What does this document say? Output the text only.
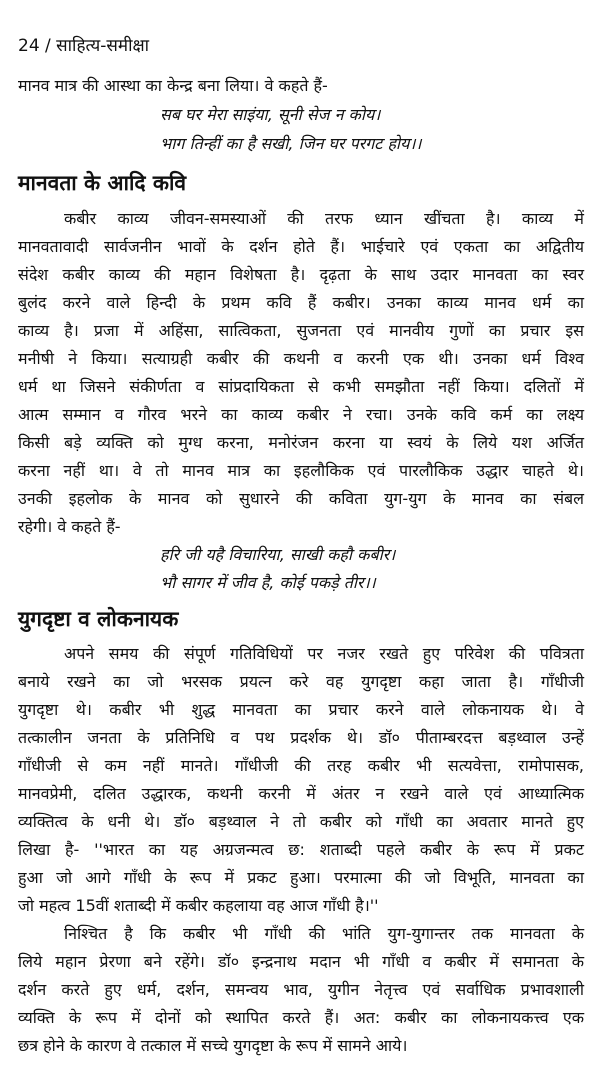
24 / साहित्य-समीक्षा
मानव मात्र की आस्था का केन्द्र बना लिया। वे कहते हैं-
सब घर मेरा साइंया, सूनी सेज न कोय।
भाग तिन्हीं का है सखी, जिन घर परगट होय।।
मानवता के आदि कवि
कबीर काव्य जीवन-समस्याओं की तरफ ध्यान खींचता है। काव्य में
मानवतावादी सार्वजनीन भावों के दर्शन होते हैं। भाईचारे एवं एकता का अद्वितीय
संदेश कबीर काव्य की महान विशेषता है। दृढ़ता के साथ उदार मानवता का स्वर
बुलंद करने वाले हिन्दी के प्रथम कवि हैं कबीर। उनका काव्य मानव धर्म का
काव्य है। प्रजा में अहिंसा, सात्विकता, सुजनता एवं मानवीय गुणों का प्रचार इस
मनीषी ने किया। सत्याग्रही कबीर की कथनी व करनी एक थी। उनका धर्म विश्व
धर्म था जिसने संकीर्णता व सांप्रदायिकता से कभी समझौता नहीं किया। दलितों में
आत्म सम्मान व गौरव भरने का काव्य कबीर ने रचा। उनके कवि कर्म का लक्ष्य
किसी बड़े व्यक्ति को मुग्ध करना, मनोरंजन करना या स्वयं के लिये यश अर्जित
करना नहीं था। वे तो मानव मात्र का इहलौकिक एवं पारलौकिक उद्धार चाहते थे।
उनकी इहलोक के मानव को सुधारने की कविता युग-युग के मानव का संबल
रहेगी। वे कहते हैं-
हरि जी यहै विचारिया, साखी कहौ कबीर।
भौ सागर में जीव है, कोई पकड़े तीर।।
युगदृष्टा व लोकनायक
अपने समय की संपूर्ण गतिविधियों पर नजर रखते हुए परिवेश की पवित्रता
बनाये रखने का जो भरसक प्रयत्न करे वह युगदृष्टा कहा जाता है। गाँधीजी
युगदृष्टा थे। कबीर भी शुद्ध मानवता का प्रचार करने वाले लोकनायक थे। वे
तत्कालीन जनता के प्रतिनिधि व पथ प्रदर्शक थे। डॉ० पीताम्बरदत्त बड़थ्वाल उन्हें
गाँधीजी से कम नहीं मानते। गाँधीजी की तरह कबीर भी सत्यवेत्ता, रामोपासक,
मानवप्रेमी, दलित उद्धारक, कथनी करनी में अंतर न रखने वाले एवं आध्यात्मिक
व्यक्तित्व के धनी थे। डॉ० बड़थ्वाल ने तो कबीर को गाँधी का अवतार मानते हुए
लिखा है- ''भारत का यह अग्रजन्मत्व छ: शताब्दी पहले कबीर के रूप में प्रकट
हुआ जो आगे गाँधी के रूप में प्रकट हुआ। परमात्मा की जो विभूति, मानवता का
जो महत्व 15वीं शताब्दी में कबीर कहलाया वह आज गाँधी है।''
निश्चित है कि कबीर भी गाँधी की भांति युग-युगान्तर तक मानवता के
लिये महान प्रेरणा बने रहेंगे। डॉ० इन्द्रनाथ मदान भी गाँधी व कबीर में समानता के
दर्शन करते हुए धर्म, दर्शन, समन्वय भाव, युगीन नेतृत्त्व एवं सर्वाधिक प्रभावशाली
व्यक्ति के रूप में दोनों को स्थापित करते हैं। अत: कबीर का लोकनायकत्त्व एक
छत्र होने के कारण वे तत्काल में सच्चे युगदृष्टा के रूप में सामने आये।
